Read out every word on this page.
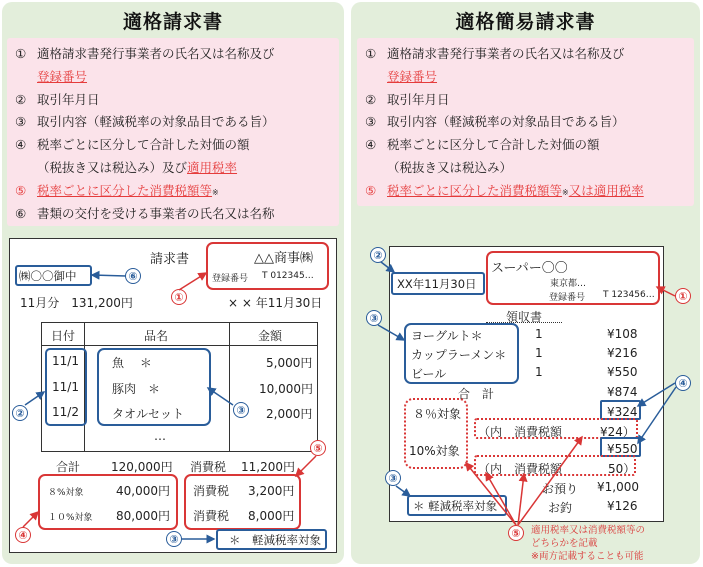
適格請求書
① 適格請求書発行事業者の氏名又は名称及び
登録番号
② 取引年月日
③ 取引内容（軽減税率の対象品目である旨）
④ 税率ごとに区分して合計した対価の額
（税抜き又は税込み）及び適用税率
⑤ 税率ごとに区分した消費税額等※
⑥ 書類の交付を受ける事業者の氏名又は名称
請求書	△△商事㈱
登録番号 T 012345…
㈱〇〇御中
11月分　131,200円	× × 年11月30日
日付	品名	金額
11/1	魚　 ＊	5,000円
11/1	豚肉　＊	10,000円
11/2	タオルセット	2,000円
…
合計	120,000円 消費税 11,200円
８%対象	40,000円
１０%対象 80,000円
消費税 3,200円
消費税 8,000円
＊　軽減税率対象
①
⑥
②	③
⑤
④	③
適格簡易請求書
① 適格請求書発行事業者の氏名又は名称及び
登録番号
② 取引年月日
③ 取引内容（軽減税率の対象品目である旨）
④ 税率ごとに区分して合計した対価の額
（税抜き又は税込み）
⑤ 税率ごとに区分した消費税額等※又は適用税率
スーパー〇〇
東京都…
登録番号 T 123456…
XX年11月30日
領収書
ヨーグルト＊	1	¥108
カップラーメン＊ 1	¥216
ビール	1	¥550
合　計	¥874
８％対象	¥324
（内　消費税額	¥24）
10%対象	¥550
（内　消費税額	50）
お預り ¥1,000
お釣	¥126
＊ 軽減税率対象
適用税率又は消費税額等の
どちらかを記載
※両方記載することも可能
②
①
③
④
③
⑤
